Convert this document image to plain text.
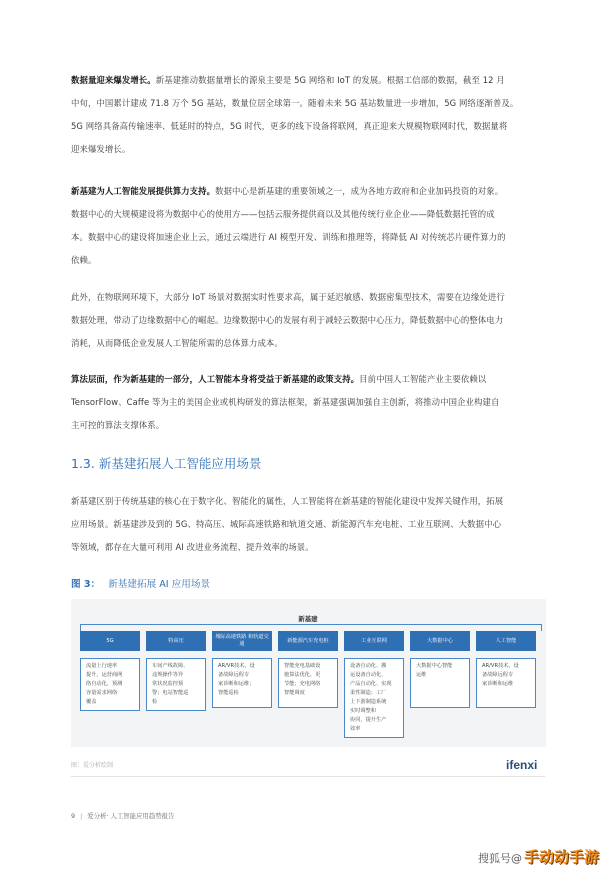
数据量迎来爆发增长。新基建推动数据量增长的源泉主要是 5G 网络和 IoT 的发展。根据工信部的数据，截至 12 月
中旬，中国累计建成 71.8 万个 5G 基站，数量位居全球第一。随着未来 5G 基站数量进一步增加，5G 网络逐渐普及。
5G 网络具备高传输速率、低延时的特点，5G 时代，更多的线下设备将联网，真正迎来大规模物联网时代，数据量将
迎来爆发增长。

新基建为人工智能发展提供算力支持。数据中心是新基建的重要领域之一，成为各地方政府和企业加码投资的对象。
数据中心的大规模建设将为数据中心的使用方——包括云服务提供商以及其他传统行业企业——降低数据托管的成
本。数据中心的建设将加速企业上云，通过云端进行 AI 模型开发、训练和推理等，将降低 AI 对传统芯片硬件算力的
依赖。

此外，在物联网环境下，大部分 IoT 场景对数据实时性要求高，属于延迟敏感、数据密集型技术，需要在边缘处进行
数据处理，带动了边缘数据中心的崛起。边缘数据中心的发展有利于减轻云数据中心压力，降低数据中心的整体电力
消耗，从而降低企业发展人工智能所需的总体算力成本。

算法层面，作为新基建的一部分，人工智能本身将受益于新基建的政策支持。目前中国人工智能产业主要依赖以
TensorFlow、Caffe 等为主的美国企业或机构研发的算法框架，新基建强调加强自主创新，将推动中国企业构建自
主可控的算法支撑体系。

1.3. 新基建拓展人工智能应用场景

新基建区别于传统基建的核心在于数字化、智能化的属性，人工智能将在新基建的智能化建设中发挥关键作用，拓展
应用场景。新基建涉及到的 5G、特高压、城际高速铁路和轨道交通、新能源汽车充电桩、工业互联网、大数据中心
等领域，都存在大量可利用 AI 改进业务流程、提升效率的场景。

图 3： 新基建拓展 AI 应用场景
新基建
5G
流量上行速率
提升，运营商网
络自动化，预测
容量需求网络
覆盖
特高压
车间产线故障、
违规操作等异
常状况监控预
警；电站智能巡
检
城际高速铁路 和轨道交通
AR/VR技术，设
备故障远程专
家诊断和运维；
智能巡检
新能源汽车充电桩
智能充电基础设
施算法优化，更
节能；充电网络
智能调度
工业互联网
设备自动化、搬
运设备自动化、
产品自动化、实现
柔性制造；工厂
上下游制造系统
实时调整和
协同，提升生产
效率
大数据中心
大数据中心智能
运维
人工智能
AR/VR技术，设
备故障远程专
家诊断和运维
图：爱分析绘制	ifenxi
9 | 爱分析· 人工智能应用趋势报告
搜狐号@ 手动动手游
